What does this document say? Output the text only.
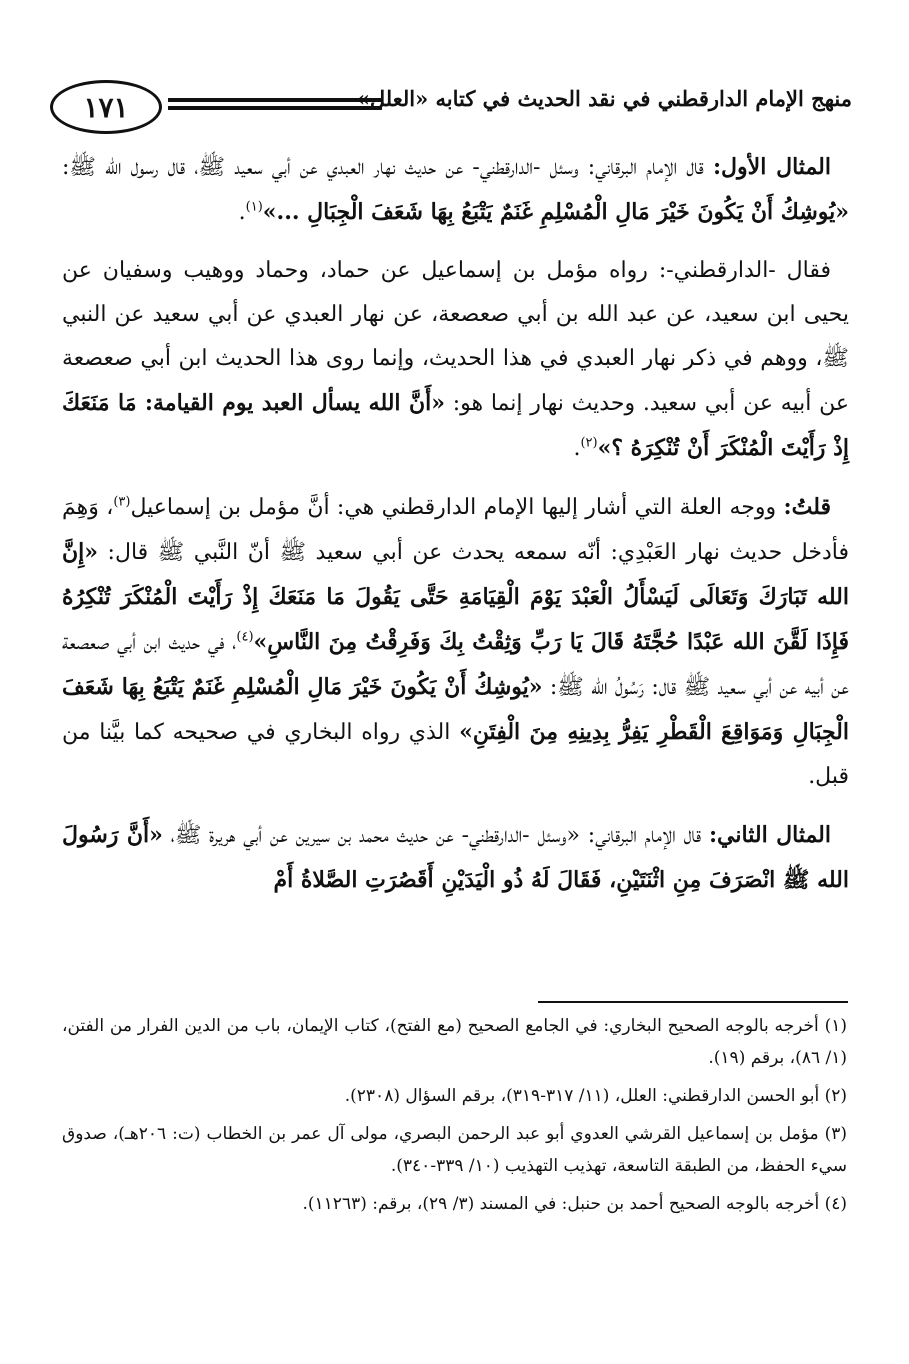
١٧١	منهج الإمام الدارقطني في نقد الحديث في كتابه «العلل»

المثال الأول: قال الإمام البرقاني: وسئل -الدارقطني- عن حديث نهار العبدي عن أبي سعيد ﷺ، قال رسول الله ﷺ: «يُوشِكُ أَنْ يَكُونَ خَيْرَ مَالِ الْمُسْلِمِ غَنَمٌ يَتْبَعُ بِهَا شَعَفَ الْجِبَالِ ...»$^{(١)}$.

فقال -الدارقطني-: رواه مؤمل بن إسماعيل عن حماد، وحماد ووهيب وسفيان عن يحيى ابن سعيد، عن عبد الله بن أبي صعصعة، عن نهار العبدي عن أبي سعيد عن النبي ﷺ، ووهم في ذكر نهار العبدي في هذا الحديث، وإنما روى هذا الحديث ابن أبي صعصعة عن أبيه عن أبي سعيد. وحديث نهار إنما هو: «أَنَّ الله يسأل العبد يوم القيامة: مَا مَنَعَكَ إِذْ رَأَيْتَ الْمُنْكَرَ أَنْ تُنْكِرَهُ ؟»$^{(٢)}$.

قلتُ: ووجه العلة التي أشار إليها الإمام الدارقطني هي: أنَّ مؤمل بن إسماعيل$^{(٣)}$، وَهِمَ فأدخل حديث نهار العَبْدِي: أنّه سمعه يحدث عن أبي سعيد ﷺ أنّ النَّبي ﷺ قال: «إِنَّ الله تَبَارَكَ وَتَعَالَى لَيَسْأَلُ الْعَبْدَ يَوْمَ الْقِيَامَةِ حَتَّى يَقُولَ مَا مَنَعَكَ إِذْ رَأَيْتَ الْمُنْكَرَ تُنْكِرُهُ فَإِذَا لَقَّنَ الله عَبْدًا حُجَّتَهُ قَالَ يَا رَبِّ وَثِقْتُ بِكَ وَفَرِقْتُ مِنَ النَّاسِ»$^{(٤)}$، في حديث ابن أبي صعصعة عن أبيه عن أبي سعيد ﷺ قال: رَسُولُ الله ﷺ: «يُوشِكُ أَنْ يَكُونَ خَيْرَ مَالِ الْمُسْلِمِ غَنَمٌ يَتْبَعُ بِهَا شَعَفَ الْجِبَالِ وَمَوَاقِعَ الْقَطْرِ يَفِرُّ بِدِينِهِ مِنَ الْفِتَنِ» الذي رواه البخاري في صحيحه كما بيَّنا من قبل.

المثال الثاني: قال الإمام البرقاني: «وسئل -الدارقطني- عن حديث محمد بن سيرين عن أبي هريرة ﷺ، «أَنَّ رَسُولَ الله ﷺ انْصَرَفَ مِنِ اثْنَتَيْنِ، فَقَالَ لَهُ ذُو الْيَدَيْنِ أَقَصُرَتِ الصَّلاةُ أَمْ

(١) أخرجه بالوجه الصحيح البخاري: في الجامع الصحيح (مع الفتح)، كتاب الإيمان، باب من الدين الفرار من الفتن، (١/ ٨٦)، برقم (١٩).
(٢) أبو الحسن الدارقطني: العلل، (١١/ ٣١٧-٣١٩)، برقم السؤال (٢٣٠٨).
(٣) مؤمل بن إسماعيل القرشي العدوي أبو عبد الرحمن البصري، مولى آل عمر بن الخطاب (ت: ٢٠٦هـ)، صدوق سيء الحفظ، من الطبقة التاسعة، تهذيب التهذيب (١٠/ ٣٣٩-٣٤٠).
(٤) أخرجه بالوجه الصحيح أحمد بن حنبل: في المسند (٣/ ٢٩)، برقم: (١١٢٦٣).
